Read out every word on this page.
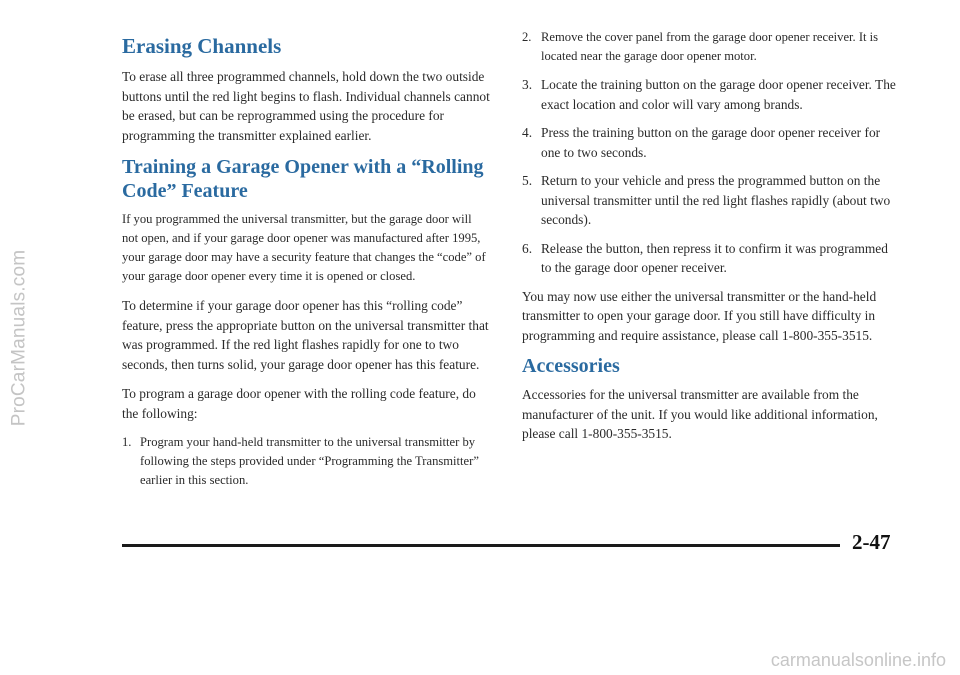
ProCarManuals.com
Erasing Channels

To erase all three programmed channels, hold down the two outside buttons until the red light begins to flash. Individual channels cannot be erased, but can be reprogrammed using the procedure for programming the transmitter explained earlier.

Training a Garage Opener with a “Rolling Code” Feature

If you programmed the universal transmitter, but the garage door will not open, and if your garage door opener was manufactured after 1995, your garage door may have a security feature that changes the “code” of your garage door opener every time it is opened or closed.

To determine if your garage door opener has this “rolling code” feature, press the appropriate button on the universal transmitter that was programmed. If the red light flashes rapidly for one to two seconds, then turns solid, your garage door opener has this feature.

To program a garage door opener with the rolling code feature, do the following:

1. Program your hand-held transmitter to the universal transmitter by following the steps provided under “Programming the Transmitter” earlier in this section.
2. Remove the cover panel from the garage door opener receiver. It is located near the garage door opener motor.
3. Locate the training button on the garage door opener receiver. The exact location and color will vary among brands.
4. Press the training button on the garage door opener receiver for one to two seconds.
5. Return to your vehicle and press the programmed button on the universal transmitter until the red light flashes rapidly (about two seconds).
6. Release the button, then repress it to confirm it was programmed to the garage door opener receiver.

You may now use either the universal transmitter or the hand-held transmitter to open your garage door. If you still have difficulty in programming and require assistance, please call 1-800-355-3515.

Accessories

Accessories for the universal transmitter are available from the manufacturer of the unit. If you would like additional information, please call 1-800-355-3515.

2-47
carmanualsonline.info
